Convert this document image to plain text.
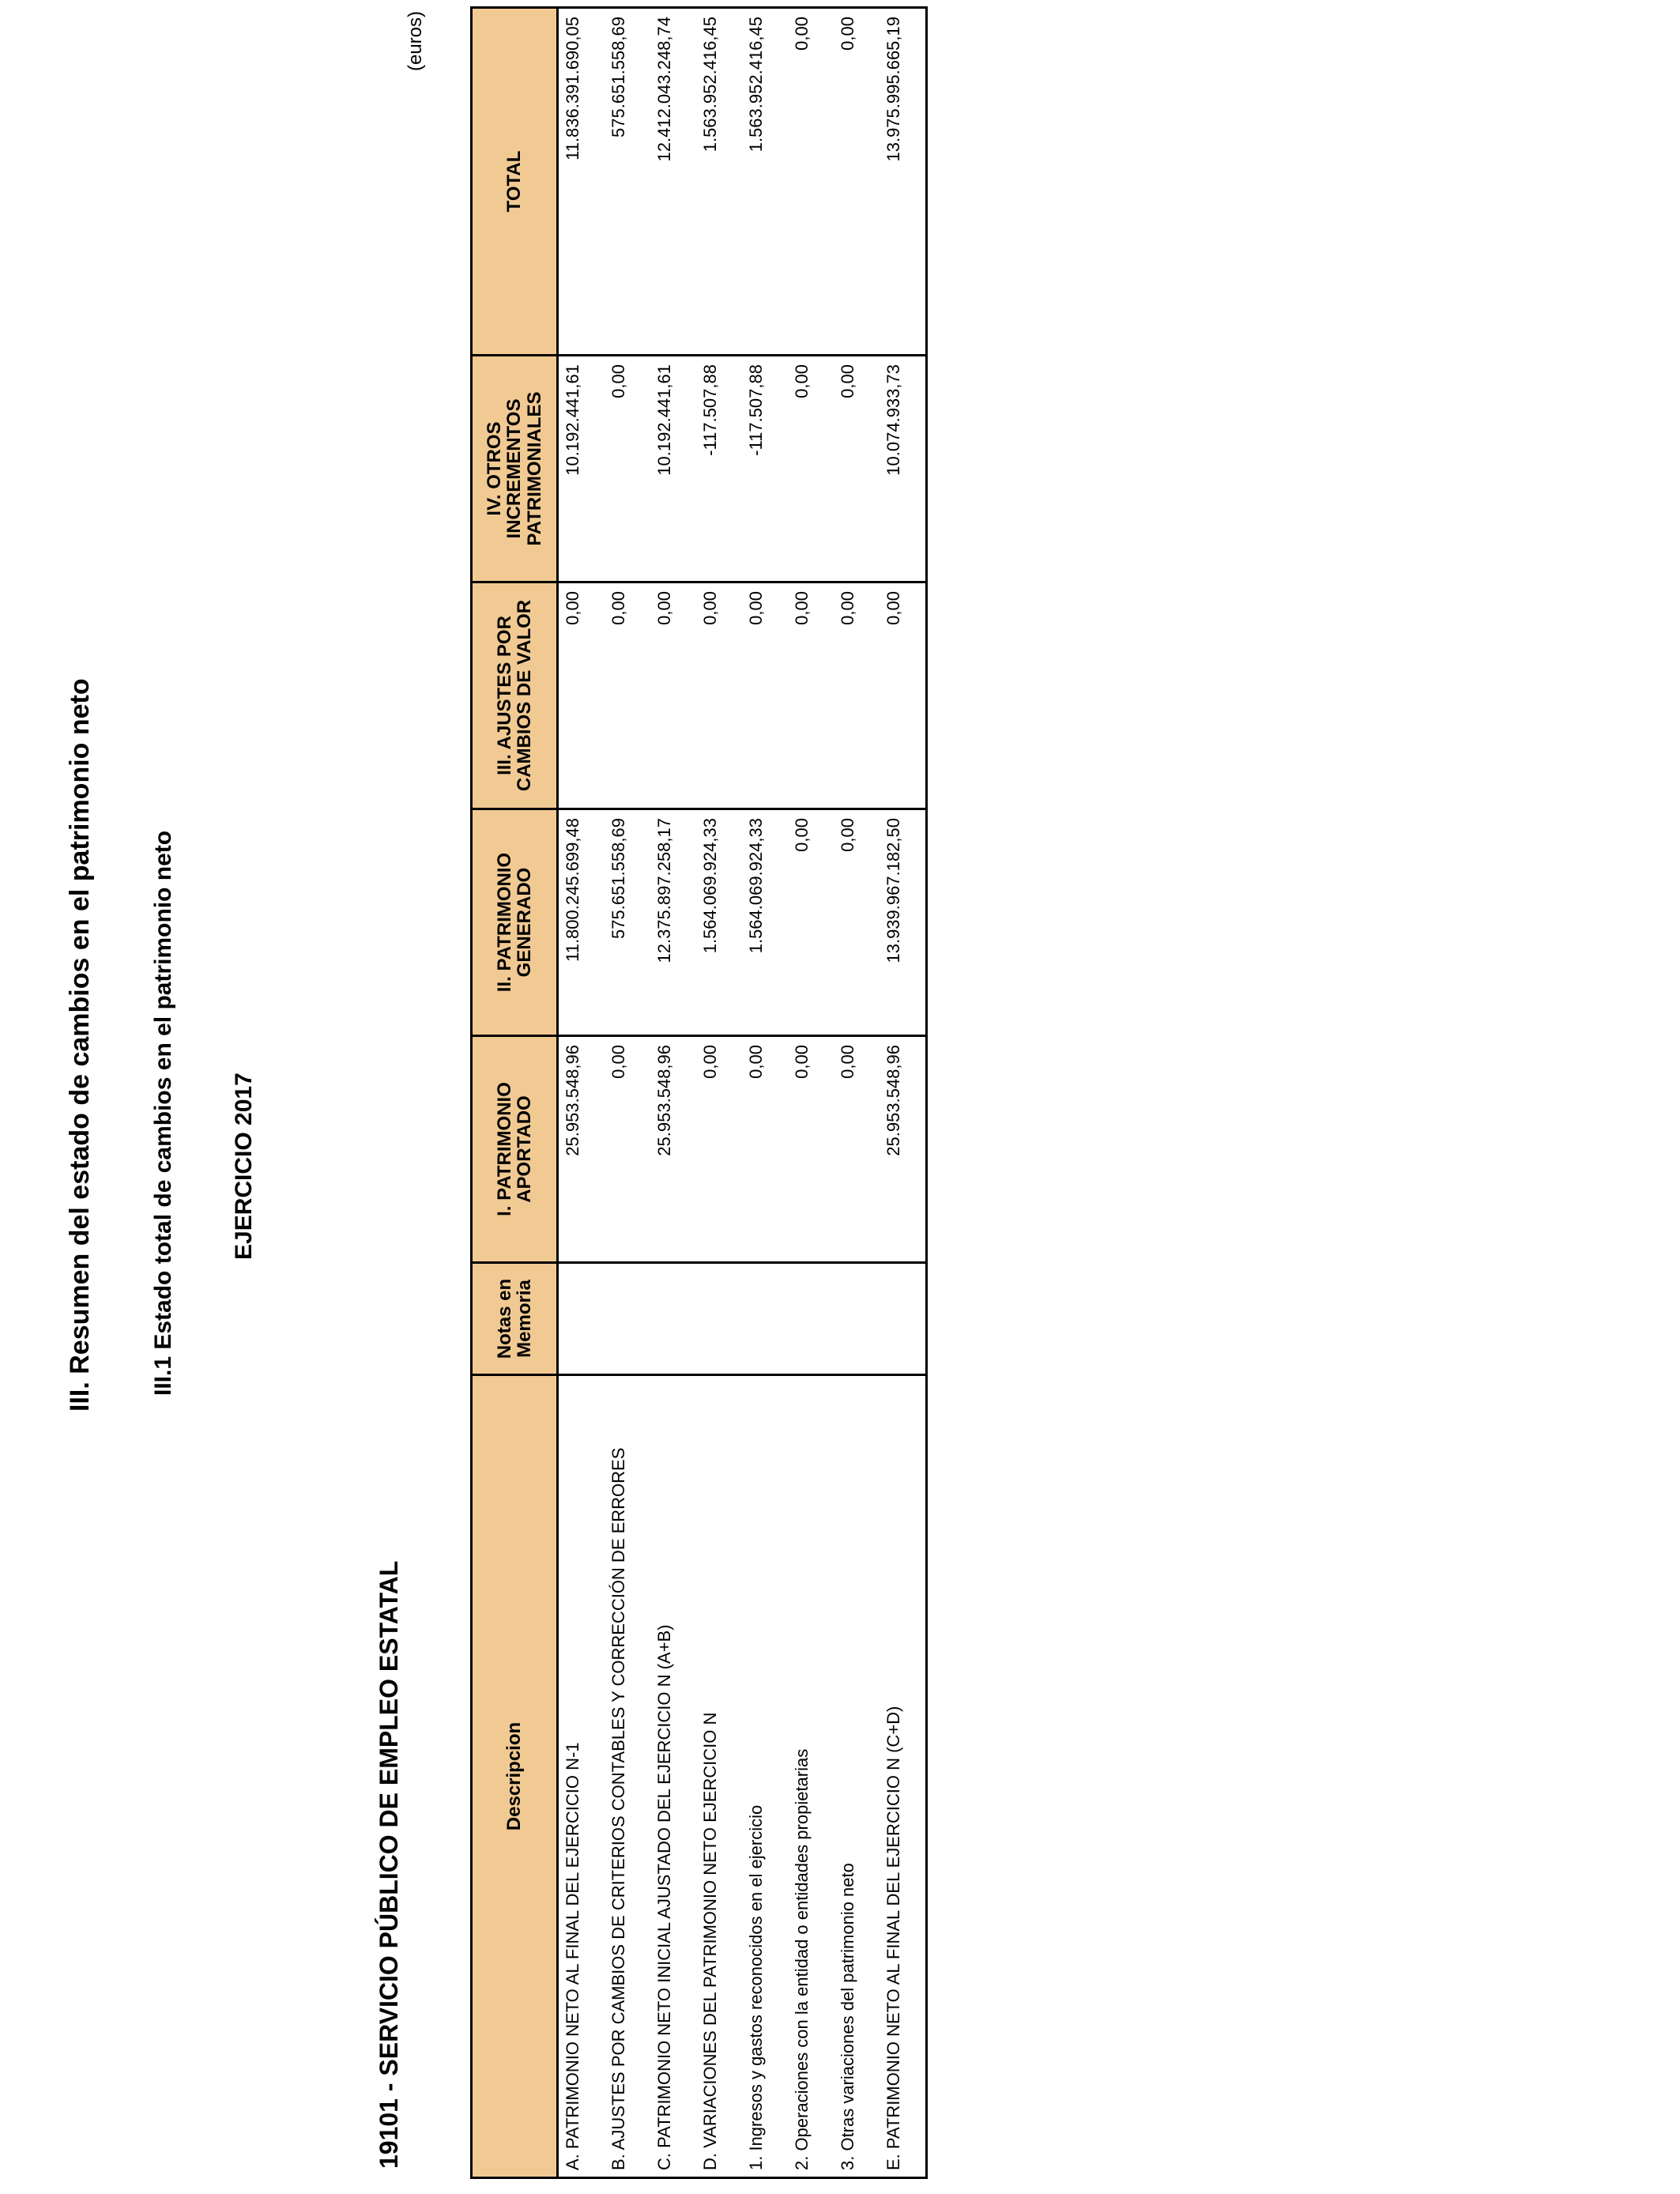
III. Resumen del estado de cambios en el patrimonio neto III.1 Estado total de cambios en el patrimonio neto EJERCICIO 2017
19101 - SERVICIO PÚBLICO DE EMPLEO ESTATAL
(euros)
Descripcion	Notas en Memoria	I. PATRIMONIO APORTADO	II. PATRIMONIO GENERADO	III. AJUSTES POR CAMBIOS DE VALOR	IV. OTROS INCREMENTOS PATRIMONIALES	TOTAL
A. PATRIMONIO NETO AL FINAL DEL EJERCICIO N-1		25.953.548,96	11.800.245.699,48	0,00	10.192.441,61	11.836.391.690,05
B. AJUSTES POR CAMBIOS DE CRITERIOS CONTABLES Y CORRECCIÓN DE ERRORES		0,00	575.651.558,69	0,00	0,00	575.651.558,69
C. PATRIMONIO NETO INICIAL AJUSTADO DEL EJERCICIO N (A+B)		25.953.548,96	12.375.897.258,17	0,00	10.192.441,61	12.412.043.248,74
D. VARIACIONES DEL PATRIMONIO NETO EJERCICIO N		0,00	1.564.069.924,33	0,00	-117.507,88	1.563.952.416,45
1. Ingresos y gastos reconocidos en el ejercicio		0,00	1.564.069.924,33	0,00	-117.507,88	1.563.952.416,45
2. Operaciones con la entidad o entidades propietarias		0,00	0,00	0,00	0,00	0,00
3. Otras variaciones del patrimonio neto		0,00	0,00	0,00	0,00	0,00
E. PATRIMONIO NETO AL FINAL DEL EJERCICIO N (C+D)		25.953.548,96	13.939.967.182,50	0,00	10.074.933,73	13.975.995.665,19
